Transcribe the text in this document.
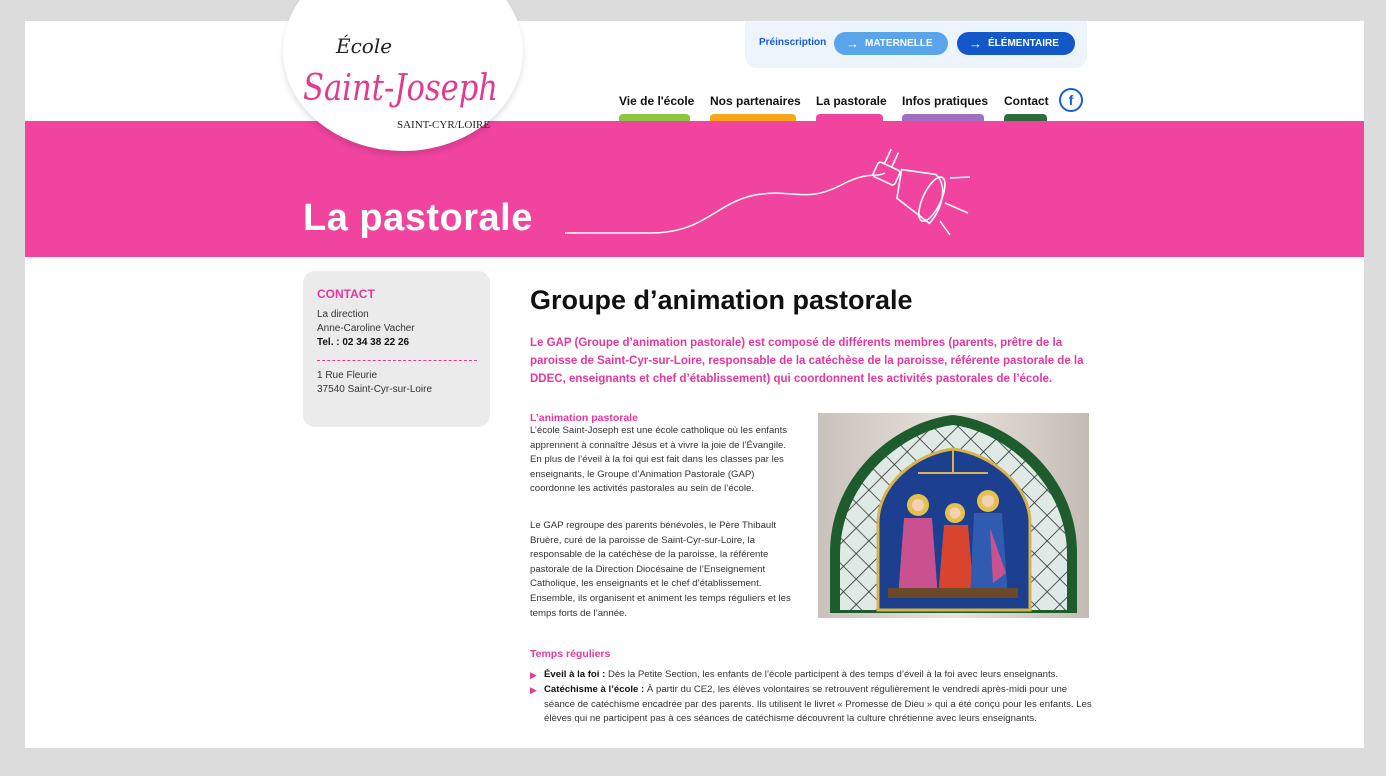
Préinscription → MATERNELLE	→ ÉLÉMENTAIRE
La pastorale
École
Saint-Joseph
SAINT-CYR/LOIRE
Vie de l'école Nos partenaires La pastorale Infos pratiques Contact	f
CONTACT
La direction
Anne-Caroline Vacher
Tel. : 02 34 38 22 26
1 Rue Fleurie
37540 Saint-Cyr-sur-Loire
Groupe d’animation pastorale
Le GAP (Groupe d’animation pastorale) est composé de différents membres (parents, prêtre de la paroisse de Saint-Cyr-sur-Loire, responsable de la catéchèse de la paroisse, référente pastorale de la DDEC, enseignants et chef d’établissement) qui coordonnent les activités pastorales de l’école.
L’animation pastorale
L’école Saint-Joseph est une école catholique où les enfants apprennent à connaître Jésus et à vivre la joie de l’Évangile. En plus de l’éveil à la foi qui est fait dans les classes par les enseignants, le Groupe d’Animation Pastorale (GAP) coordonne les activités pastorales au sein de l’école.
Le GAP regroupe des parents bénévoles, le Père Thibault Bruère, curé de la paroisse de Saint-Cyr-sur-Loire, la responsable de la catéchèse de la paroisse, la référente pastorale de la Direction Diocésaine de l’Enseignement Catholique, les enseignants et le chef d’établissement. Ensemble, ils organisent et animent les temps réguliers et les temps forts de l’année.
Temps réguliers
▶ Éveil à la foi : Dès la Petite Section, les enfants de l’école participent à des temps d’éveil à la foi avec leurs enseignants.
▶ Catéchisme à l’école : À partir du CE2, les élèves volontaires se retrouvent régulièrement le vendredi après-midi pour une séance de catéchisme encadrée par des parents. Ils utilisent le livret « Promesse de Dieu » qui a été conçu pour les enfants. Les élèves qui ne participent pas à ces séances de catéchisme découvrent la culture chrétienne avec leurs enseignants.
